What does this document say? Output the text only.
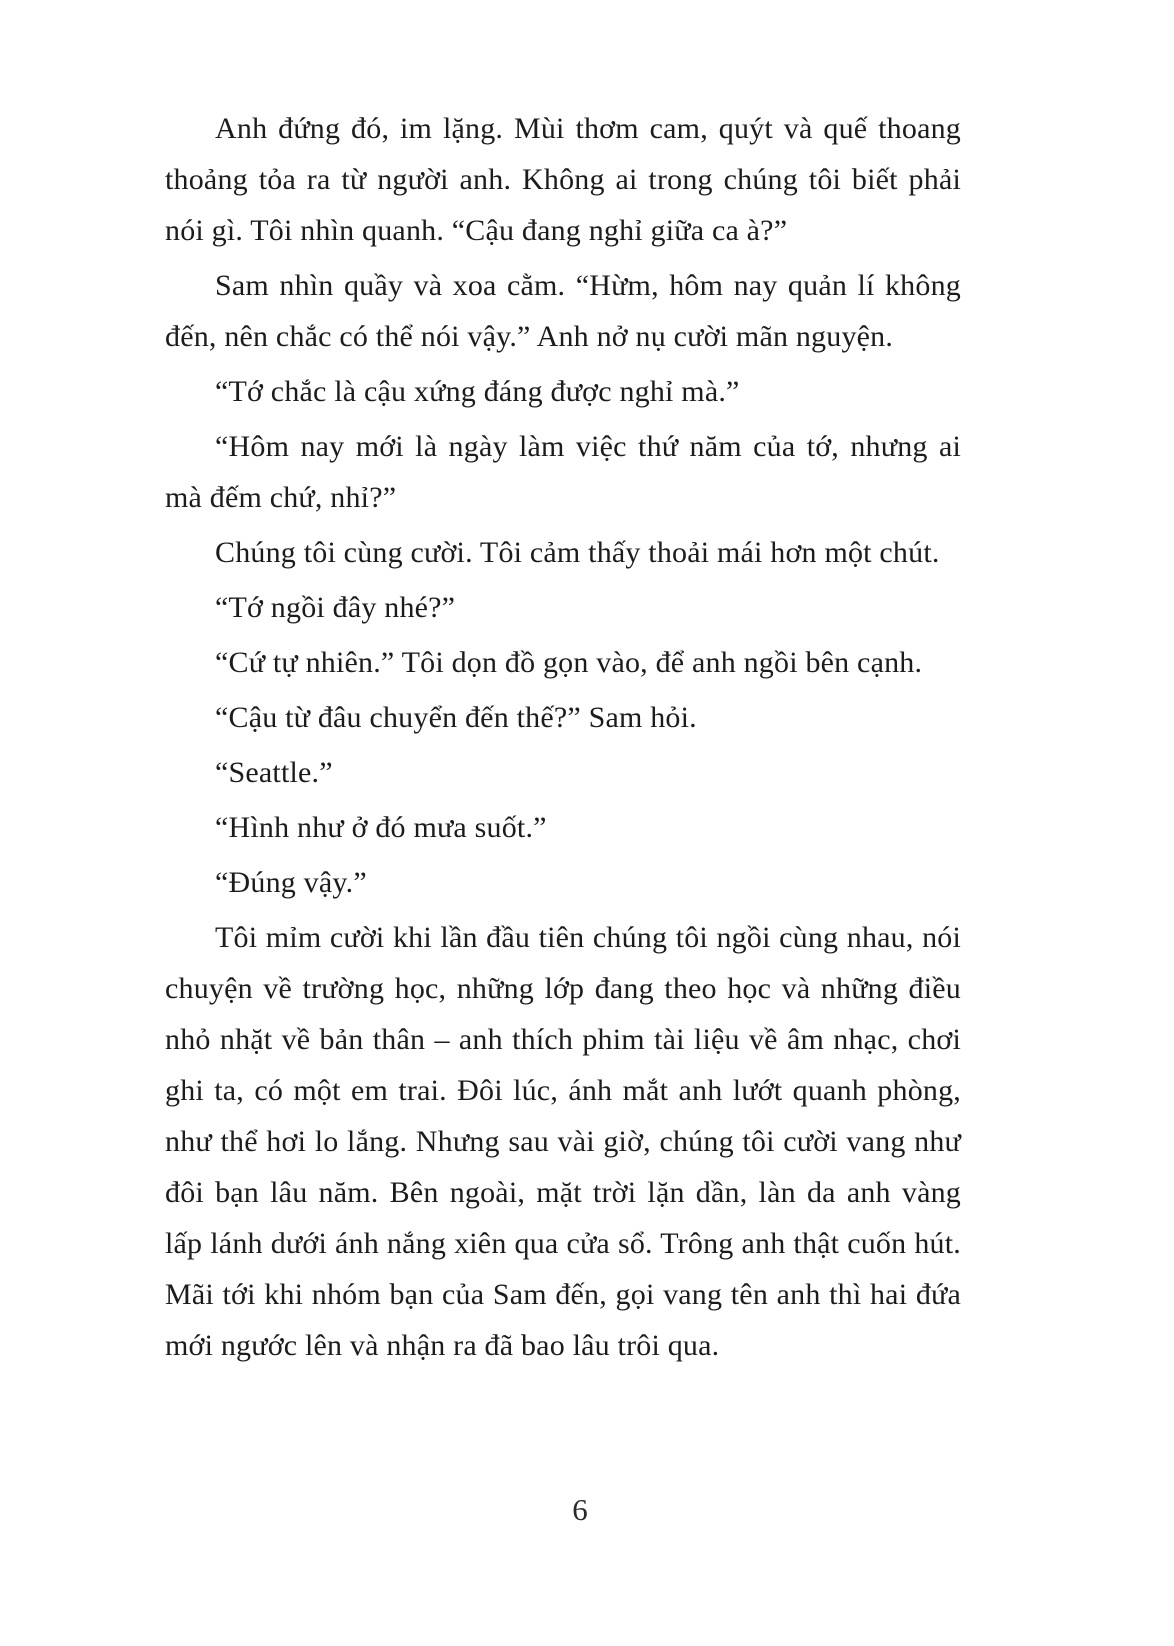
Anh đứng đó, im lặng. Mùi thơm cam, quýt và quế thoang thoảng tỏa ra từ người anh. Không ai trong chúng tôi biết phải nói gì. Tôi nhìn quanh. “Cậu đang nghỉ giữa ca à?”

Sam nhìn quầy và xoa cằm. “Hừm, hôm nay quản lí không đến, nên chắc có thể nói vậy.” Anh nở nụ cười mãn nguyện.

“Tớ chắc là cậu xứng đáng được nghỉ mà.”

“Hôm nay mới là ngày làm việc thứ năm của tớ, nhưng ai mà đếm chứ, nhỉ?”

Chúng tôi cùng cười. Tôi cảm thấy thoải mái hơn một chút.

“Tớ ngồi đây nhé?”

“Cứ tự nhiên.” Tôi dọn đồ gọn vào, để anh ngồi bên cạnh.

“Cậu từ đâu chuyển đến thế?” Sam hỏi.

“Seattle.”

“Hình như ở đó mưa suốt.”

“Đúng vậy.”

Tôi mỉm cười khi lần đầu tiên chúng tôi ngồi cùng nhau, nói chuyện về trường học, những lớp đang theo học và những điều nhỏ nhặt về bản thân – anh thích phim tài liệu về âm nhạc, chơi ghi ta, có một em trai. Đôi lúc, ánh mắt anh lướt quanh phòng, như thể hơi lo lắng. Nhưng sau vài giờ, chúng tôi cười vang như đôi bạn lâu năm. Bên ngoài, mặt trời lặn dần, làn da anh vàng lấp lánh dưới ánh nắng xiên qua cửa sổ. Trông anh thật cuốn hút. Mãi tới khi nhóm bạn của Sam đến, gọi vang tên anh thì hai đứa mới ngước lên và nhận ra đã bao lâu trôi qua.

6
